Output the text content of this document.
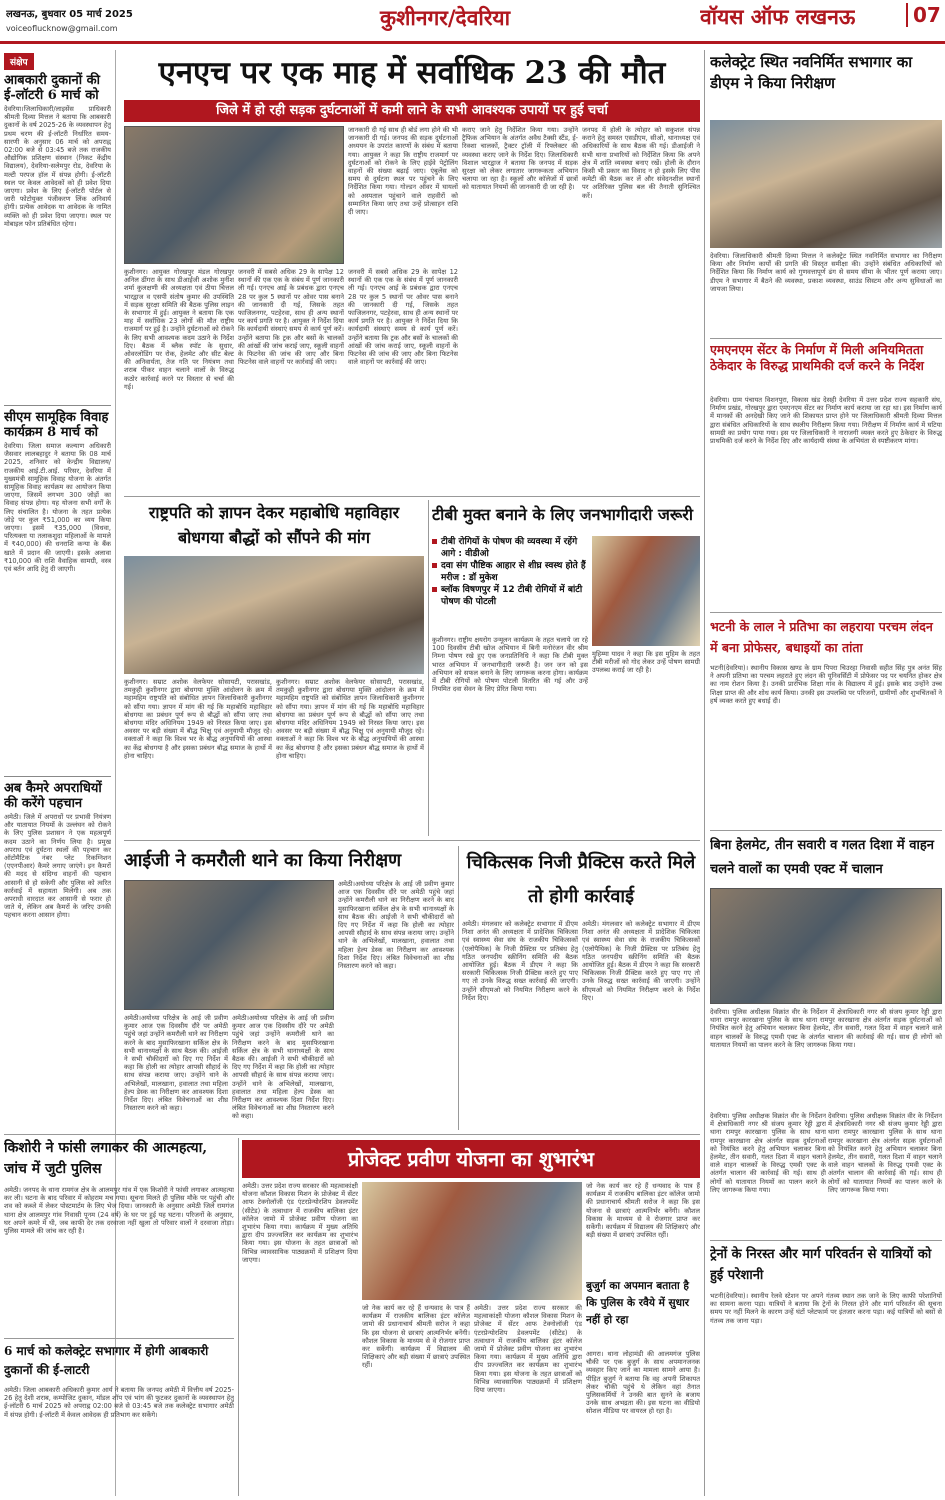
लखनऊ, बुधवार 05 मार्च 2025
voiceoflucknow@gmail.com	कुशीनगर/देवरिया	वॉयस ऑफ लखनऊ	07
संक्षेप
आबकारी दुकानों की ई-लॉटरी 6 मार्च को
देवरिया।जिलाधिकारी/लाइसेंस प्राधिकारी श्रीमती दिव्या मित्तल ने बताया कि आबकारी दुकानों के वर्ष 2025-26 के व्यवस्थापन हेतु प्रथम चरण की ई-लॉटरी निर्धारित समय-सारणी के अनुसार 06 मार्च को अपराह्न 02:00 बजे से 03:45 बजे तक राजकीय औद्योगिक प्रशिक्षण संस्थान (निकट केंद्रीय विद्यालय), देवरिया-सलेमपुर रोड, देवरिया के मल्टी परपज हॉल में संपन्न होगी। ई-लॉटरी स्थल पर केवल आवेदकों को ही प्रवेश दिया जाएगा। प्रवेश के लिए ई-लॉटरी पोर्टल से जारी फोटोयुक्त पंजीकरण लिंक अनिवार्य होगी। प्रत्येक आवेदक या आवेदक के नामित व्यक्ति को ही प्रवेश दिया जाएगा। स्थल पर मोबाइल फोन प्रतिबंधित रहेगा।
सीएम सामूहिक विवाह कार्यक्रम 8 मार्च को
देवरिया। जिला समाज कल्याण अधिकारी जैसवार लालबहादुर ने बताया कि 08 मार्च 2025, शनिवार को केन्द्रीय विद्यालय/राजकीय आई.टी.आई. परिसर, देवरिया में मुख्यमंत्री सामूहिक विवाह योजना के अंतर्गत सामूहिक विवाह कार्यक्रम का आयोजन किया जाएगा, जिसमें लगभग 300 जोड़ों का विवाह संपन्न होगा। यह योजना सभी वर्गों के लिए संचालित है। योजना के तहत प्रत्येक जोड़े पर कुल ₹51,000 का व्यय किया जाएगा। इसमें ₹35,000 (विधवा, परित्यक्ता या तलाकशुदा महिलाओं के मामले में ₹40,000) की धनराशि कन्या के बैंक खाते में प्रदान की जाएगी। इसके अलावा ₹10,000 की राशि वैवाहिक सामग्री, वस्त्र एवं बर्तन आदि हेतु दी जाएगी।
अब कैमरे अपराधियों की करेंगे पहचान
अमेठी। जिले में अपराधों पर प्रभावी नियंत्रण और यातायात नियमों के उल्लंघन को रोकने के लिए पुलिस प्रशासन ने एक महत्वपूर्ण कदम उठाने का निर्णय लिया है। प्रमुख अपराध एवं दुर्घटना स्थलों की पहचान कर ऑटोमैटिक नंबर प्लेट रिकग्निशन (एएनपीआर) कैमरे लगाए जाएंगे। इन कैमरों की मदद से संदिग्ध वाहनों की पहचान आसानी से हो सकेगी और पुलिस को त्वरित कार्रवाई में सहायता मिलेगी। अब तक अपराधी वारदात कर आसानी से फरार हो जाते थे, लेकिन अब कैमरों के जरिए उनकी पहचान करना आसान होगा।
एनएच पर एक माह में सर्वाधिक 23 की मौत
जिले में हो रही सड़क दुर्घटनाओं में कमी लाने के सभी आवश्यक उपायों पर हुई चर्चा
जानकारी दी गई साथ ही बोर्ड लगा होने की भी जानकारी दी गई। जनपद की सड़क दुर्घटनाओं अध्ययन के उपरांत कारणों के संबंध में बताया गया। आयुक्त ने कहा कि राष्ट्रीय राजमार्ग पर दुर्घटनाओं को रोकने के लिए हाईवे पेट्रोलिंग वाहनों की संख्या बढ़ाई जाए। एंबुलेंस को समय से दुर्घटना स्थल पर पहुंचने के लिए निर्देशित किया गया। गोल्डन ऑवर में घायलों को अस्पताल पहुंचाने वाले राहवीरों को सम्मानित किया जाए तथा उन्हें प्रोत्साहन राशि दी जाए।
कराए जाने हेतु निर्देशित किया गया। उन्होंने ट्रैफिक अभियान के अंतर्गत अवैध टैक्सी स्टैंड, ई-रिक्शा चालकों, ट्रैक्टर ट्रॉली में रिफ्लेक्टर की व्यवस्था कराए जाने के निर्देश दिए। जिलाधिकारी विशाल भारद्वाज ने बताया कि जनपद में सड़क सुरक्षा को लेकर लगातार जागरूकता अभियान चलाया जा रहा है। स्कूलों और कॉलेजों में छात्रों को यातायात नियमों की जानकारी दी जा रही है।
जनपद में होली के त्योहार को सकुशल संपन्न कराने हेतु समस्त एसडीएम, सीओ, थानाध्यक्ष एवं अधिकारियों के साथ बैठक की गई। डीआईजी ने सभी थाना प्रभारियों को निर्देशित किया कि अपने क्षेत्र में शांति व्यवस्था बनाए रखें। होली के दौरान किसी भी प्रकार का विवाद न हो इसके लिए पीस कमेटी की बैठक कर लें और संवेदनशील स्थानों पर अतिरिक्त पुलिस बल की तैनाती सुनिश्चित करें।
कुशीनगर। आयुक्त गोरखपुर मंडल गोरखपुर अनिल ढींगरा के साथ डीआईजी अशोक मुनीश शर्मा कुलक्षणी की अध्यक्षता एवं ठीया चित्तल भारद्वाज व एसपी संतोष कुमार की उपस्थिति में सड़क सुरक्षा समिति की बैठक पुलिस लाइन के सभागार में हुई। आयुक्त ने बताया कि एक माह में सर्वाधिक 23 लोगों की मौत राष्ट्रीय राजमार्ग पर हुई है। उन्होंने दुर्घटनाओं को रोकने के लिए सभी आवश्यक कदम उठाने के निर्देश दिए। बैठक में ब्लैक स्पॉट के सुधार, ओवरलोडिंग पर रोक, हेलमेट और सीट बेल्ट की अनिवार्यता, तेज गति पर नियंत्रण तथा शराब पीकर वाहन चलाने वालों के विरुद्ध कठोर कार्रवाई करने पर विस्तार से चर्चा की गई।
जनवरी में सबसे अधिक 29 के सापेक्ष 12 स्थानों की एक एक के संबंध में पूर्ण जानकारी ली गई। एनएच आई के प्रबंधक द्वारा एनएच 28 पर कुल 5 स्थानों पर ओवर पास बनाने की जानकारी दी गई, जिसके तहत फाजिलनगर, पटहेरवा, साथ ही अन्य स्थानों पर कार्य प्रगति पर है। आयुक्त ने निर्देश दिया कि कार्यदायी संस्थाएं समय से कार्य पूर्ण करें। उन्होंने बताया कि ट्रक और बसों के चालकों की आंखों की जांच कराई जाए, स्कूली वाहनों के फिटनेस की जांच की जाए और बिना फिटनेस वाले वाहनों पर कार्रवाई की जाए।
जनवरी में सबसे अधिक 29 के सापेक्ष 12 स्थानों की एक एक के संबंध में पूर्ण जानकारी ली गई। एनएच आई के प्रबंधक द्वारा एनएच 28 पर कुल 5 स्थानों पर ओवर पास बनाने की जानकारी दी गई, जिसके तहत फाजिलनगर, पटहेरवा, साथ ही अन्य स्थानों पर कार्य प्रगति पर है। आयुक्त ने निर्देश दिया कि कार्यदायी संस्थाएं समय से कार्य पूर्ण करें। उन्होंने बताया कि ट्रक और बसों के चालकों की आंखों की जांच कराई जाए, स्कूली वाहनों के फिटनेस की जांच की जाए और बिना फिटनेस वाले वाहनों पर कार्रवाई की जाए।
राष्ट्रपति को ज्ञापन देकर महाबोधि महाविहार बोधगया बौद्धों को सौंपने की मांग
कुशीनगर। सम्राट अशोक वेलफेयर सोसायटी, परासखांड, तमकुही कुशीनगर द्वारा बोधगया मुक्ति आंदोलन के क्रम में महामहिम राष्ट्रपति को संबोधित ज्ञापन जिलाधिकारी कुशीनगर को सौंपा गया। ज्ञापन में मांग की गई कि महाबोधि महाविहार बोधगया का प्रबंधन पूर्ण रूप से बौद्धों को सौंपा जाए तथा बोधगया मंदिर अधिनियम 1949 को निरस्त किया जाए। इस अवसर पर बड़ी संख्या में बौद्ध भिक्षु एवं अनुयायी मौजूद रहे। वक्ताओं ने कहा कि विश्व भर के बौद्ध अनुयायियों की आस्था का केंद्र बोधगया है और इसका प्रबंधन बौद्ध समाज के हाथों में होना चाहिए।
कुशीनगर। सम्राट अशोक वेलफेयर सोसायटी, परासखांड, तमकुही कुशीनगर द्वारा बोधगया मुक्ति आंदोलन के क्रम में महामहिम राष्ट्रपति को संबोधित ज्ञापन जिलाधिकारी कुशीनगर को सौंपा गया। ज्ञापन में मांग की गई कि महाबोधि महाविहार बोधगया का प्रबंधन पूर्ण रूप से बौद्धों को सौंपा जाए तथा बोधगया मंदिर अधिनियम 1949 को निरस्त किया जाए। इस अवसर पर बड़ी संख्या में बौद्ध भिक्षु एवं अनुयायी मौजूद रहे। वक्ताओं ने कहा कि विश्व भर के बौद्ध अनुयायियों की आस्था का केंद्र बोधगया है और इसका प्रबंधन बौद्ध समाज के हाथों में होना चाहिए।
टीबी मुक्त बनाने के लिए जनभागीदारी जरूरी
टीबी रोगियों के पोषण की व्यवस्था में रहेंगे आगे : वीडीओ
दवा संग पौष्टिक आहार से शीघ्र स्वस्थ होते हैं मरीज : डॉ मुकेश
ब्लॉक विषणपुर में 12 टीबी रोगियों में बांटी पोषण की पोटली
कुशीनगर। राष्ट्रीय क्षयरोग उन्मूलन कार्यक्रम के तहत चलाये जा रहे 100 दिवसीय टीबी खोज अभियान में बिनी मनोरंजन वीर श्रीम निम्ना पोषण रखे हुए एक जनप्रतिनिधि ने कहा कि टीबी मुक्त भारत अभियान में जनभागीदारी जरूरी है। जन जन को इस अभियान को सफल बनाने के लिए जागरूक करना होगा। कार्यक्रम में टीबी रोगियों को पोषण पोटली वितरित की गई और उन्हें नियमित दवा सेवन के लिए प्रेरित किया गया।
मुहिम्मा यादव ने कहा कि इस मुहिम के तहत टीबी मरीजों को गोद लेकर उन्हें पोषण सामग्री उपलब्ध कराई जा रही है।
आईजी ने कमरौली थाने का किया निरीक्षण
अमेठी।अयोध्या परिक्षेत्र के आई जी प्रवीण कुमार आज एक दिवसीय दौरे पर अमेठी पहुंचे जहां उन्होंने कमरौली थाने का निरीक्षण करने के बाद मुसाफिरखाना सर्किल क्षेत्र के सभी थानाध्यक्षों के साथ बैठक की। आईजी ने सभी चौकीदारों को दिए गए निर्देश में कहा कि होली का त्योहार आपसी सौहार्द के साथ संपन्न कराया जाए। उन्होंने थाने के अभिलेखों, मालखाना, हवालात तथा महिला हेल्प डेस्क का निरीक्षण कर आवश्यक दिशा निर्देश दिए। लंबित विवेचनाओं का शीघ्र निस्तारण करने को कहा।
अमेठी।अयोध्या परिक्षेत्र के आई जी प्रवीण कुमार आज एक दिवसीय दौरे पर अमेठी पहुंचे जहां उन्होंने कमरौली थाने का निरीक्षण करने के बाद मुसाफिरखाना सर्किल क्षेत्र के सभी थानाध्यक्षों के साथ बैठक की। आईजी ने सभी चौकीदारों को दिए गए निर्देश में कहा कि होली का त्योहार आपसी सौहार्द के साथ संपन्न कराया जाए। उन्होंने थाने के अभिलेखों, मालखाना, हवालात तथा महिला हेल्प डेस्क का निरीक्षण कर आवश्यक दिशा निर्देश दिए। लंबित विवेचनाओं का शीघ्र निस्तारण करने को कहा।
अमेठी।अयोध्या परिक्षेत्र के आई जी प्रवीण कुमार आज एक दिवसीय दौरे पर अमेठी पहुंचे जहां उन्होंने कमरौली थाने का निरीक्षण करने के बाद मुसाफिरखाना सर्किल क्षेत्र के सभी थानाध्यक्षों के साथ बैठक की। आईजी ने सभी चौकीदारों को दिए गए निर्देश में कहा कि होली का त्योहार आपसी सौहार्द के साथ संपन्न कराया जाए। उन्होंने थाने के अभिलेखों, मालखाना, हवालात तथा महिला हेल्प डेस्क का निरीक्षण कर आवश्यक दिशा निर्देश दिए। लंबित विवेचनाओं का शीघ्र निस्तारण करने को कहा।
चिकित्सक निजी प्रैक्टिस करते मिले तो होगी कार्रवाई
अमेठी। मंगलवार को कलेक्ट्रेट सभागार में डीएम निशा अनंत की अध्यक्षता में प्रादेशिक चिकित्सा एवं स्वास्थ्य सेवा संघ के राजकीय चिकित्सकों (एलोपैथिक) के निजी प्रैक्टिस पर प्रतिबंध हेतु गठित जनपदीय स्क्रीनिंग समिति की बैठक आयोजित हुई। बैठक में डीएम ने कहा कि सरकारी चिकित्सक निजी प्रैक्टिस करते हुए पाए गए तो उनके विरुद्ध सख्त कार्रवाई की जाएगी। उन्होंने सीएमओ को नियमित निरीक्षण करने के निर्देश दिए।
अमेठी। मंगलवार को कलेक्ट्रेट सभागार में डीएम निशा अनंत की अध्यक्षता में प्रादेशिक चिकित्सा एवं स्वास्थ्य सेवा संघ के राजकीय चिकित्सकों (एलोपैथिक) के निजी प्रैक्टिस पर प्रतिबंध हेतु गठित जनपदीय स्क्रीनिंग समिति की बैठक आयोजित हुई। बैठक में डीएम ने कहा कि सरकारी चिकित्सक निजी प्रैक्टिस करते हुए पाए गए तो उनके विरुद्ध सख्त कार्रवाई की जाएगी। उन्होंने सीएमओ को नियमित निरीक्षण करने के निर्देश दिए।
कलेक्ट्रेट स्थित नवनिर्मित सभागार का डीएम ने किया निरीक्षण
देवरिया। जिलाधिकारी श्रीमती दिव्या मित्तल ने कलेक्ट्रेट स्थित नवनिर्मित सभागार का निरीक्षण किया और निर्माण कार्यों की प्रगति की विस्तृत समीक्षा की। उन्होंने संबंधित अधिकारियों को निर्देशित किया कि निर्माण कार्य को गुणवत्तापूर्ण ढंग से समय सीमा के भीतर पूर्ण कराया जाए। डीएम ने सभागार में बैठने की व्यवस्था, प्रकाश व्यवस्था, साउंड सिस्टम और अन्य सुविधाओं का जायजा लिया।
एमएनएम सेंटर के निर्माण में मिली अनियमितता ठेकेदार के विरुद्ध प्राथमिकी दर्ज करने के निर्देश
देवरिया। ग्राम पंचायत विशनपुरा, विकास खंड देसही देवरिया में उत्तर प्रदेश राज्य सहकारी संघ, निर्माण प्रखंड, गोरखपुर द्वारा एमएनएम सेंटर का निर्माण कार्य कराया जा रहा था। इस निर्माण कार्य में मानकों की अनदेखी किए जाने की शिकायत प्राप्त होने पर जिलाधिकारी श्रीमती दिव्या मित्तल द्वारा संबंधित अधिकारियों के साथ स्थलीय निरीक्षण किया गया। निरीक्षण में निर्माण कार्य में घटिया सामग्री का प्रयोग पाया गया। इस पर जिलाधिकारी ने नाराजगी व्यक्त करते हुए ठेकेदार के विरुद्ध प्राथमिकी दर्ज करने के निर्देश दिए और कार्यदायी संस्था के अभियंता से स्पष्टीकरण मांगा।
भटनी के लाल ने प्रतिभा का लहराया परचम लंदन में बना प्रोफेसर, बधाइयों का तांता
भटनी(देवरिया)। स्थानीय विकास खण्ड के ग्राम पिपरा चिउरहा निवासी सहीत सिंह पुत्र अनंत सिंह ने अपनी प्रतिभा का परचम लहराते हुए लंदन की यूनिवर्सिटी में प्रोफेसर पद पर चयनित होकर क्षेत्र का नाम रोशन किया है। उनकी प्रारंभिक शिक्षा गांव के विद्यालय में हुई। इसके बाद उन्होंने उच्च शिक्षा प्राप्त की और शोध कार्य किया। उनकी इस उपलब्धि पर परिजनों, ग्रामीणों और शुभचिंतकों ने हर्ष व्यक्त करते हुए बधाई दी।
बिना हेलमेट, तीन सवारी व गलत दिशा में वाहन चलने वालों का एमवी एक्ट में चालान
देवरिया। पुलिस अधीक्षक विक्रांत वीर के निर्देशन में क्षेत्राधिकारी नगर श्री संजय कुमार रेड्डी द्वारा थाना रामपुर कारखाना पुलिस के साथ थाना रामपुर कारखाना क्षेत्र अंतर्गत सड़क दुर्घटनाओं को नियंत्रित करने हेतु अभियान चलाकर बिना हेलमेट, तीन सवारी, गलत दिशा में वाहन चलाने वाले वाहन चालकों के विरुद्ध एमवी एक्ट के अंतर्गत चालान की कार्रवाई की गई। साथ ही लोगों को यातायात नियमों का पालन करने के लिए जागरूक किया गया।
देवरिया। पुलिस अधीक्षक विक्रांत वीर के निर्देशन में क्षेत्राधिकारी नगर श्री संजय कुमार रेड्डी द्वारा थाना रामपुर कारखाना पुलिस के साथ थाना रामपुर कारखाना क्षेत्र अंतर्गत सड़क दुर्घटनाओं को नियंत्रित करने हेतु अभियान चलाकर बिना हेलमेट, तीन सवारी, गलत दिशा में वाहन चलाने वाले वाहन चालकों के विरुद्ध एमवी एक्ट के अंतर्गत चालान की कार्रवाई की गई। साथ ही लोगों को यातायात नियमों का पालन करने के लिए जागरूक किया गया।
देवरिया। पुलिस अधीक्षक विक्रांत वीर के निर्देशन में क्षेत्राधिकारी नगर श्री संजय कुमार रेड्डी द्वारा थाना रामपुर कारखाना पुलिस के साथ थाना रामपुर कारखाना क्षेत्र अंतर्गत सड़क दुर्घटनाओं को नियंत्रित करने हेतु अभियान चलाकर बिना हेलमेट, तीन सवारी, गलत दिशा में वाहन चलाने वाले वाहन चालकों के विरुद्ध एमवी एक्ट के अंतर्गत चालान की कार्रवाई की गई। साथ ही लोगों को यातायात नियमों का पालन करने के लिए जागरूक किया गया।
ट्रेनों के निरस्त और मार्ग परिवर्तन से यात्रियों को हुई परेशानी
भटनी(देवरिया)। स्थानीय रेलवे स्टेशन पर अपने गंतव्य स्थान तक जाने के लिए काफी परेशानियों का सामना करना पड़ा। यात्रियों ने बताया कि ट्रेनों के निरस्त होने और मार्ग परिवर्तन की सूचना समय पर नहीं मिलने के कारण उन्हें घंटों प्लेटफार्म पर इंतजार करना पड़ा। कई यात्रियों को बसों से गंतव्य तक जाना पड़ा।
किशोरी ने फांसी लगाकर की आत्महत्या, जांच में जुटी पुलिस
अमेठी। जनपद के थाना रामगंज क्षेत्र के आलमपुर गांव में एक किशोरी ने फांसी लगाकर आत्महत्या कर ली। घटना के बाद परिवार में कोहराम मच गया। सूचना मिलते ही पुलिस मौके पर पहुंची और शव को कब्जे में लेकर पोस्टमार्टम के लिए भेज दिया। जानकारी के अनुसार अमेठी जिले रामगंज थाना क्षेत्र आलमपुर गांव निवासी पूनम (24 वर्ष) के घर पर हुई यह घटना। परिजनों के अनुसार, घर अपने कमरे में थी, जब काफी देर तक दरवाजा नहीं खुला तो परिवार वालों ने दरवाजा तोड़ा। पुलिस मामले की जांच कर रही है।
6 मार्च को कलेक्ट्रेट सभागार में होगी आबकारी दुकानों की ई-लाटरी
अमेठी। जिला आबकारी अधिकारी कुमार आर्य ने बताया कि जनपद अमेठी में वित्तीय वर्ष 2025-26 हेतु देशी शराब, कम्पोजिट दुकान, मॉडल शॉप एवं भांग की फुटकर दुकानों के व्यवस्थापन हेतु ई-लॉटरी 6 मार्च 2025 को अपराह्न 02:00 बजे से 03:45 बजे तक कलेक्ट्रेट सभागार अमेठी में संपन्न होगी। ई-लॉटरी में केवल आवेदक ही प्रतिभाग कर सकेंगे।
प्रोजेक्ट प्रवीण योजना का शुभारंभ
अमेठी। उत्तर प्रदेश राज्य सरकार की महत्वाकांक्षी योजना कौशल विकास मिशन के प्रोजेक्ट में सेंटर आफ टेक्नोलॉजी एंड एंटरप्रेन्योरशिप डेवलपमेंट (सीटेड) के तत्वाधान में राजकीय बालिका इंटर कॉलेज जामो में प्रोजेक्ट प्रवीण योजना का शुभारंभ किया गया। कार्यक्रम में मुख्य अतिथि द्वारा दीप प्रज्ज्वलित कर कार्यक्रम का शुभारंभ किया गया। इस योजना के तहत छात्राओं को विभिन्न व्यावसायिक पाठ्यक्रमों में प्रशिक्षण दिया जाएगा।
जो नेक कार्य कर रहे हैं धन्यवाद के पात्र हैं कार्यक्रम में राजकीय बालिका इंटर कॉलेज जामो की प्रधानाचार्य श्रीमती सरोज ने कहा कि इस योजना से छात्राएं आत्मनिर्भर बनेंगी। कौशल विकास के माध्यम से वे रोजगार प्राप्त कर सकेंगी। कार्यक्रम में विद्यालय की शिक्षिकाएं और बड़ी संख्या में छात्राएं उपस्थित रहीं।
अमेठी। उत्तर प्रदेश राज्य सरकार की महत्वाकांक्षी योजना कौशल विकास मिशन के प्रोजेक्ट में सेंटर आफ टेक्नोलॉजी एंड एंटरप्रेन्योरशिप डेवलपमेंट (सीटेड) के तत्वाधान में राजकीय बालिका इंटर कॉलेज जामो में प्रोजेक्ट प्रवीण योजना का शुभारंभ किया गया। कार्यक्रम में मुख्य अतिथि द्वारा दीप प्रज्ज्वलित कर कार्यक्रम का शुभारंभ किया गया। इस योजना के तहत छात्राओं को विभिन्न व्यावसायिक पाठ्यक्रमों में प्रशिक्षण दिया जाएगा।
जो नेक कार्य कर रहे हैं धन्यवाद के पात्र हैं कार्यक्रम में राजकीय बालिका इंटर कॉलेज जामो की प्रधानाचार्य श्रीमती सरोज ने कहा कि इस योजना से छात्राएं आत्मनिर्भर बनेंगी। कौशल विकास के माध्यम से वे रोजगार प्राप्त कर सकेंगी। कार्यक्रम में विद्यालय की शिक्षिकाएं और बड़ी संख्या में छात्राएं उपस्थित रहीं।
बुजुर्ग का अपमान बताता है कि पुलिस के रवैये में सुधार नहीं हो रहा
आगरा। थाना लोहामंडी की आलमगंज पुलिस चौकी पर एक बुजुर्ग के साथ अपमानजनक व्यवहार किए जाने का मामला सामने आया है। पीड़ित बुजुर्ग ने बताया कि वह अपनी शिकायत लेकर चौकी पहुंचे थे लेकिन वहां तैनात पुलिसकर्मियों ने उनकी बात सुनने के बजाय उनके साथ अभद्रता की। इस घटना का वीडियो सोशल मीडिया पर वायरल हो रहा है।
